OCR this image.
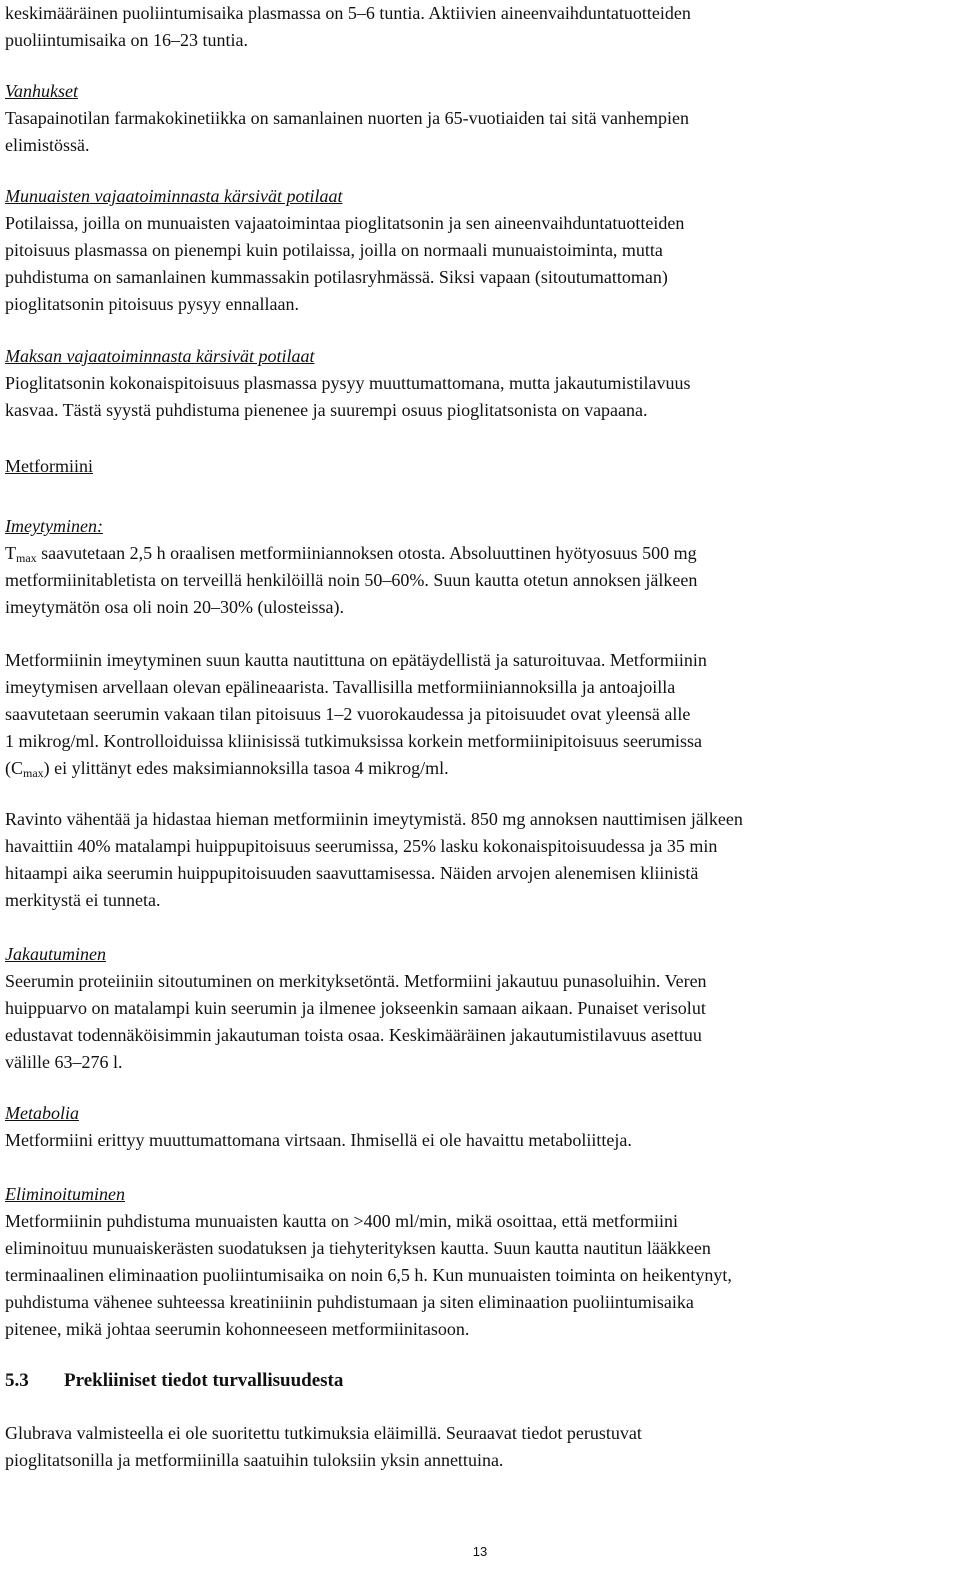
keskimääräinen puoliintumisaika plasmassa on 5–6 tuntia. Aktiivien aineenvaihduntatuotteiden
puoliintumisaika on 16–23 tuntia.
Vanhukset
Tasapainotilan farmakokinetiikka on samanlainen nuorten ja 65-vuotiaiden tai sitä vanhempien
elimistössä.
Munuaisten vajaatoiminnasta kärsivät potilaat
Potilaissa, joilla on munuaisten vajaatoimintaa pioglitatsonin ja sen aineenvaihduntatuotteiden
pitoisuus plasmassa on pienempi kuin potilaissa, joilla on normaali munuaistoiminta, mutta
puhdistuma on samanlainen kummassakin potilasryhmässä. Siksi vapaan (sitoutumattoman)
pioglitatsonin pitoisuus pysyy ennallaan.
Maksan vajaatoiminnasta kärsivät potilaat
Pioglitatsonin kokonaispitoisuus plasmassa pysyy muuttumattomana, mutta jakautumistilavuus
kasvaa. Tästä syystä puhdistuma pienenee ja suurempi osuus pioglitatsonista on vapaana.
Metformiini
Imeytyminen:
$T_{max}$ saavutetaan 2,5 h oraalisen metformiiniannoksen otosta. Absoluuttinen hyötyosuus 500 mg
metformiinitabletista on terveillä henkilöillä noin 50–60%. Suun kautta otetun annoksen jälkeen
imeytymätön osa oli noin 20–30% (ulosteissa).
Metformiinin imeytyminen suun kautta nautittuna on epätäydellistä ja saturoituvaa. Metformiinin
imeytymisen arvellaan olevan epälineaarista. Tavallisilla metformiiniannoksilla ja antoajoilla
saavutetaan seerumin vakaan tilan pitoisuus 1–2 vuorokaudessa ja pitoisuudet ovat yleensä alle
1 mikrog/ml. Kontrolloiduissa kliinisissä tutkimuksissa korkein metformiinipitoisuus seerumissa
$(C_{max})$ ei ylittänyt edes maksimiannoksilla tasoa 4 mikrog/ml.
Ravinto vähentää ja hidastaa hieman metformiinin imeytymistä. 850 mg annoksen nauttimisen jälkeen
havaittiin 40% matalampi huippupitoisuus seerumissa, 25% lasku kokonaispitoisuudessa ja 35 min
hitaampi aika seerumin huippupitoisuuden saavuttamisessa. Näiden arvojen alenemisen kliinistä
merkitystä ei tunneta.
Jakautuminen
Seerumin proteiiniin sitoutuminen on merkityksetöntä. Metformiini jakautuu punasoluihin. Veren
huippuarvo on matalampi kuin seerumin ja ilmenee jokseenkin samaan aikaan. Punaiset verisolut
edustavat todennäköisimmin jakautuman toista osaa. Keskimääräinen jakautumistilavuus asettuu
välille 63–276 l.
Metabolia
Metformiini erittyy muuttumattomana virtsaan. Ihmisellä ei ole havaittu metaboliitteja.
Eliminoituminen
Metformiinin puhdistuma munuaisten kautta on >400 ml/min, mikä osoittaa, että metformiini
eliminoituu munuaiskerästen suodatuksen ja tiehyterityksen kautta. Suun kautta nautitun lääkkeen
terminaalinen eliminaation puoliintumisaika on noin 6,5 h. Kun munuaisten toiminta on heikentynyt,
puhdistuma vähenee suhteessa kreatiniinin puhdistumaan ja siten eliminaation puoliintumisaika
pitenee, mikä johtaa seerumin kohonneeseen metformiinitasoon.
5.3 Prekliiniset tiedot turvallisuudesta
Glubrava valmisteella ei ole suoritettu tutkimuksia eläimillä. Seuraavat tiedot perustuvat
pioglitatsonilla ja metformiinilla saatuihin tuloksiin yksin annettuina.
13
